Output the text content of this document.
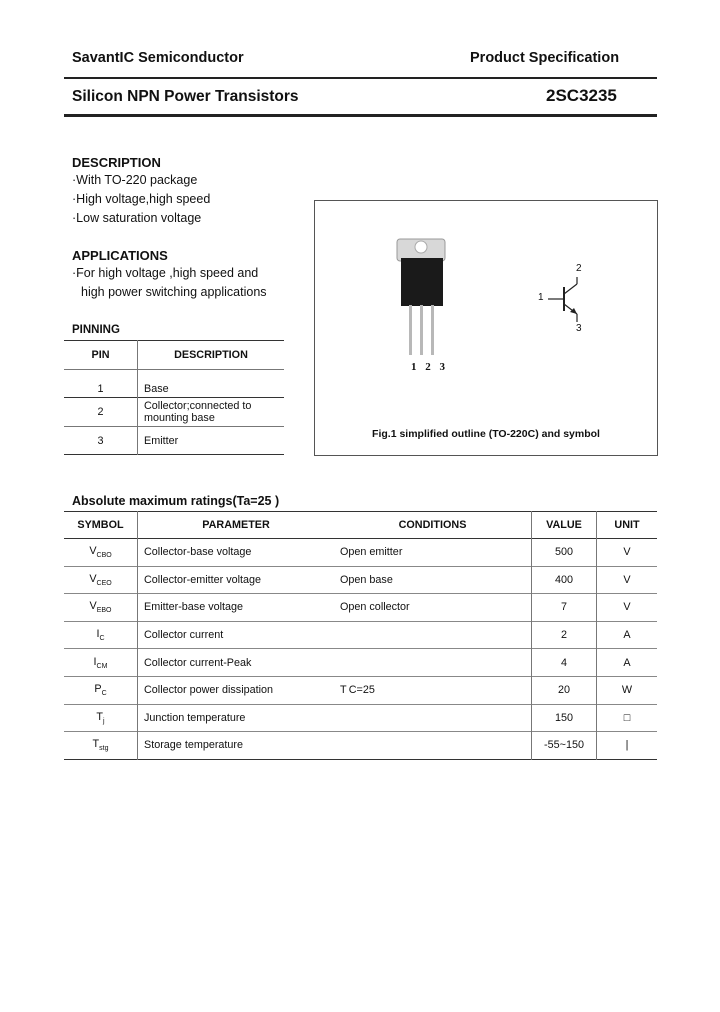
SavantIC Semiconductor	Product Specification
Silicon NPN Power Transistors	2SC3235
DESCRIPTION
·With TO-220 package
·High voltage,high speed
·Low saturation voltage
APPLICATIONS
·For high voltage ,high speed and
high power switching applications
PINNING
PIN	DESCRIPTION
1	Base
2	Collector;connected to mounting base
3	Emitter
1 2 3
1
2
3
Fig.1 simplified outline (TO-220C) and symbol
Absolute maximum ratings(Ta=25 )
SYMBOL	PARAMETER	CONDITIONS	VALUE	UNIT
$V_{CBO}$	Collector-base voltage	Open emitter	500	V
$V_{CEO}$	Collector-emitter voltage	Open base	400	V
$V_{EBO}$	Emitter-base voltage	Open collector	7	V
$I_C$	Collector current		2	A
$I_{CM}$	Collector current-Peak		4	A
$P_C$	Collector power dissipation	T C=25	20	W
$T_j$	Junction temperature		150	□
$T_{stg}$	Storage temperature		-55~150	|
